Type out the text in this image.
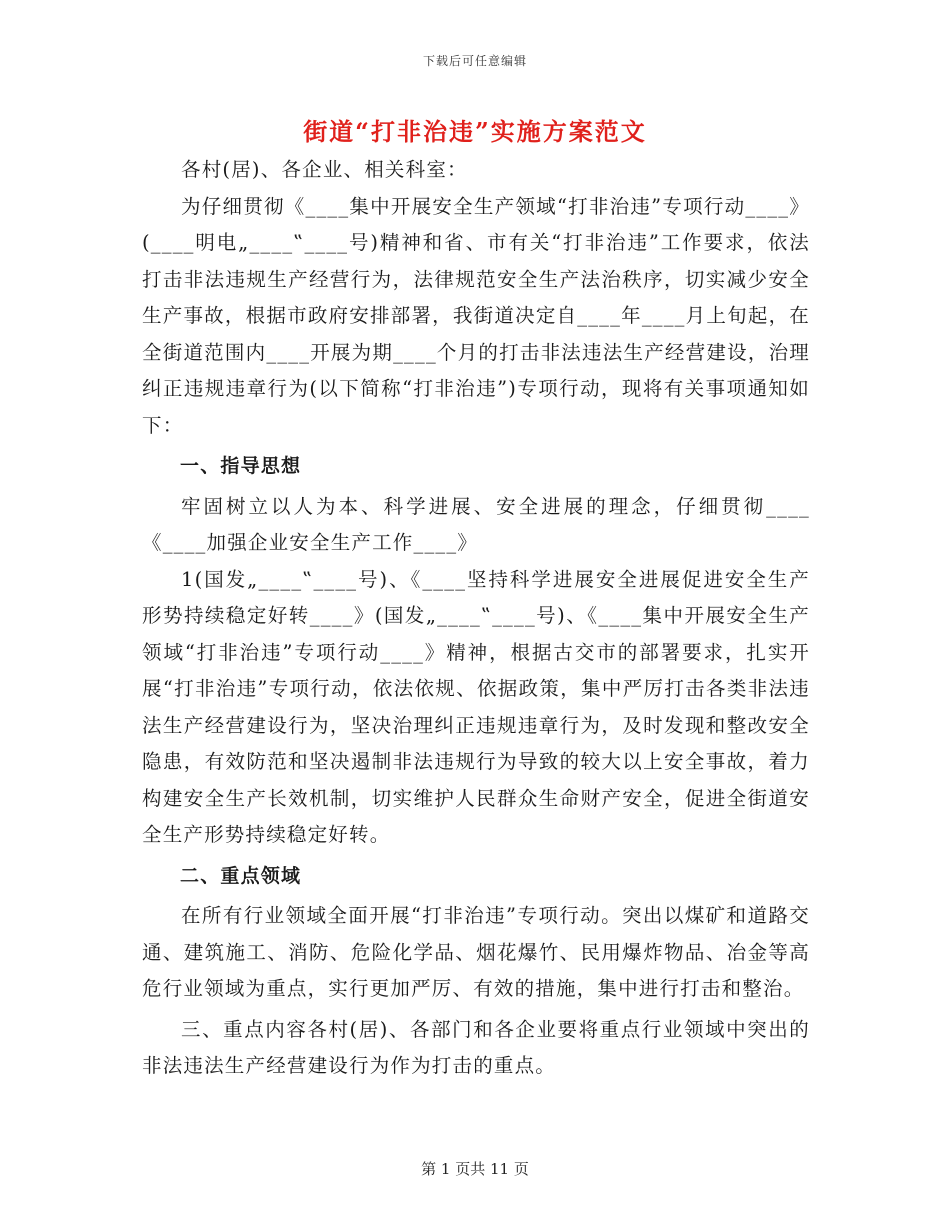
下载后可任意编辑
街道“打非治违”实施方案范文

各村(居)、各企业、相关科室：

为仔细贯彻《____集中开展安全生产领域“打非治违”专项行动____》(____明电„____‟____号)精神和省、市有关“打非治违”工作要求，依法打击非法违规生产经营行为，法律规范安全生产法治秩序，切实减少安全生产事故，根据市政府安排部署，我街道决定自____年____月上旬起，在全街道范围内____开展为期____个月的打击非法违法生产经营建设，治理纠正违规违章行为(以下简称“打非治违”)专项行动，现将有关事项通知如下：

一、指导思想

牢固树立以人为本、科学进展、安全进展的理念，仔细贯彻____《____加强企业安全生产工作____》

1(国发„____‟____号)、《____坚持科学进展安全进展促进安全生产形势持续稳定好转____》(国发„____‟____号)、《____集中开展安全生产领域“打非治违”专项行动____》精神，根据古交市的部署要求，扎实开展“打非治违”专项行动，依法依规、依据政策，集中严厉打击各类非法违法生产经营建设行为，坚决治理纠正违规违章行为，及时发现和整改安全隐患，有效防范和坚决遏制非法违规行为导致的较大以上安全事故，着力构建安全生产长效机制，切实维护人民群众生命财产安全，促进全街道安全生产形势持续稳定好转。

二、重点领域

在所有行业领域全面开展“打非治违”专项行动。突出以煤矿和道路交通、建筑施工、消防、危险化学品、烟花爆竹、民用爆炸物品、冶金等高危行业领域为重点，实行更加严厉、有效的措施，集中进行打击和整治。

三、重点内容各村(居)、各部门和各企业要将重点行业领域中突出的非法违法生产经营建设行为作为打击的重点。

第 1 页共 11 页
